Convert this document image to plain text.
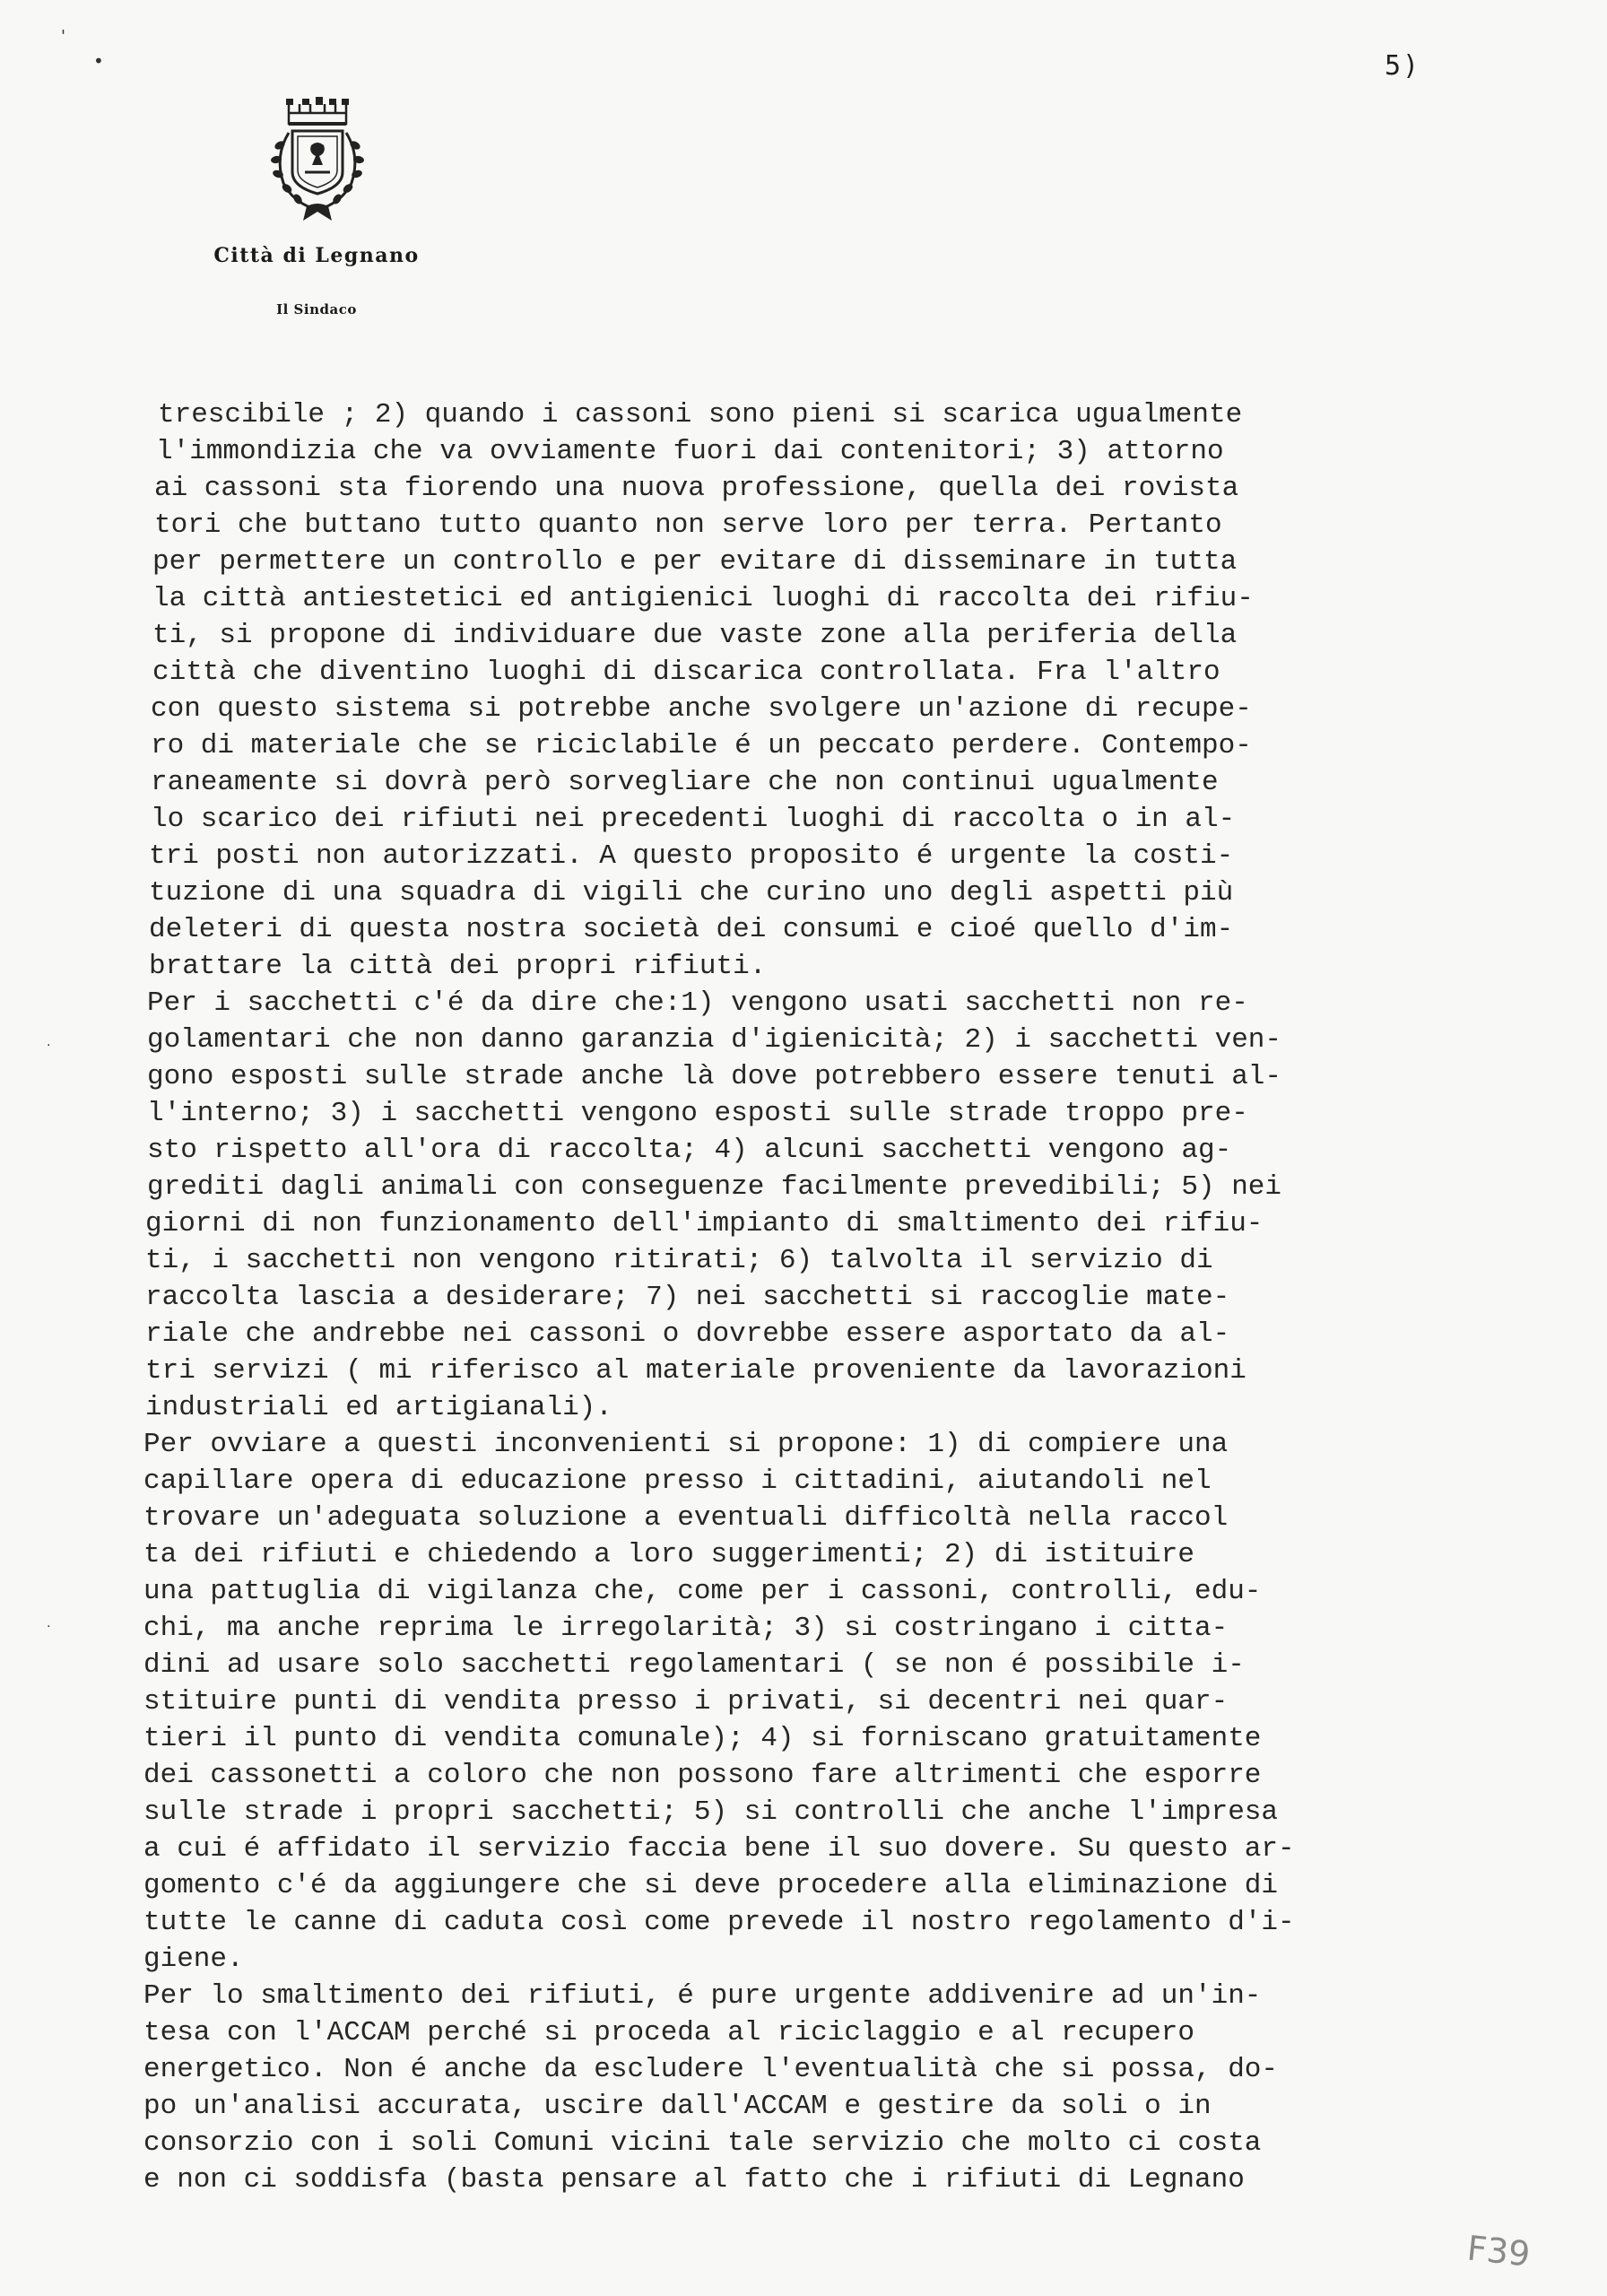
5)
Città di Legnano
Il Sindaco
trescibile ; 2) quando i cassoni sono pieni si scarica ugualmente
l'immondizia che va ovviamente fuori dai contenitori; 3) attorno
ai cassoni sta fiorendo una nuova professione, quella dei rovista
tori che buttano tutto quanto non serve loro per terra. Pertanto
per permettere un controllo e per evitare di disseminare in tutta
la città antiestetici ed antigienici luoghi di raccolta dei rifiu-
ti, si propone di individuare due vaste zone alla periferia della
città che diventino luoghi di discarica controllata. Fra l'altro
con questo sistema si potrebbe anche svolgere un'azione di recupe-
ro di materiale che se riciclabile é un peccato perdere. Contempo-
raneamente si dovrà però sorvegliare che non continui ugualmente
lo scarico dei rifiuti nei precedenti luoghi di raccolta o in al-
tri posti non autorizzati. A questo proposito é urgente la costi-
tuzione di una squadra di vigili che curino uno degli aspetti più
deleteri di questa nostra società dei consumi e cioé quello d'im-
brattare la città dei propri rifiuti.
Per i sacchetti c'é da dire che:1) vengono usati sacchetti non re-
golamentari che non danno garanzia d'igienicità; 2) i sacchetti ven-
gono esposti sulle strade anche là dove potrebbero essere tenuti al-
l'interno; 3) i sacchetti vengono esposti sulle strade troppo pre-
sto rispetto all'ora di raccolta; 4) alcuni sacchetti vengono ag-
grediti dagli animali con conseguenze facilmente prevedibili; 5) nei
giorni di non funzionamento dell'impianto di smaltimento dei rifiu-
ti, i sacchetti non vengono ritirati; 6) talvolta il servizio di
raccolta lascia a desiderare; 7) nei sacchetti si raccoglie mate-
riale che andrebbe nei cassoni o dovrebbe essere asportato da al-
tri servizi ( mi riferisco al materiale proveniente da lavorazioni
industriali ed artigianali).
Per ovviare a questi inconvenienti si propone: 1) di compiere una
capillare opera di educazione presso i cittadini, aiutandoli nel
trovare un'adeguata soluzione a eventuali difficoltà nella raccol
ta dei rifiuti e chiedendo a loro suggerimenti; 2) di istituire
una pattuglia di vigilanza che, come per i cassoni, controlli, edu-
chi, ma anche reprima le irregolarità; 3) si costringano i citta-
dini ad usare solo sacchetti regolamentari ( se non é possibile i-
stituire punti di vendita presso i privati, si decentri nei quar-
tieri il punto di vendita comunale); 4) si forniscano gratuitamente
dei cassonetti a coloro che non possono fare altrimenti che esporre
sulle strade i propri sacchetti; 5) si controlli che anche l'impresa
a cui é affidato il servizio faccia bene il suo dovere. Su questo ar-
gomento c'é da aggiungere che si deve procedere alla eliminazione di
tutte le canne di caduta così come prevede il nostro regolamento d'i-
giene.
Per lo smaltimento dei rifiuti, é pure urgente addivenire ad un'in-
tesa con l'ACCAM perché si proceda al riciclaggio e al recupero
energetico. Non é anche da escludere l'eventualità che si possa, do-
po un'analisi accurata, uscire dall'ACCAM e gestire da soli o in
consorzio con i soli Comuni vicini tale servizio che molto ci costa
e non ci soddisfa (basta pensare al fatto che i rifiuti di Legnano
'
•
·
·
F39
